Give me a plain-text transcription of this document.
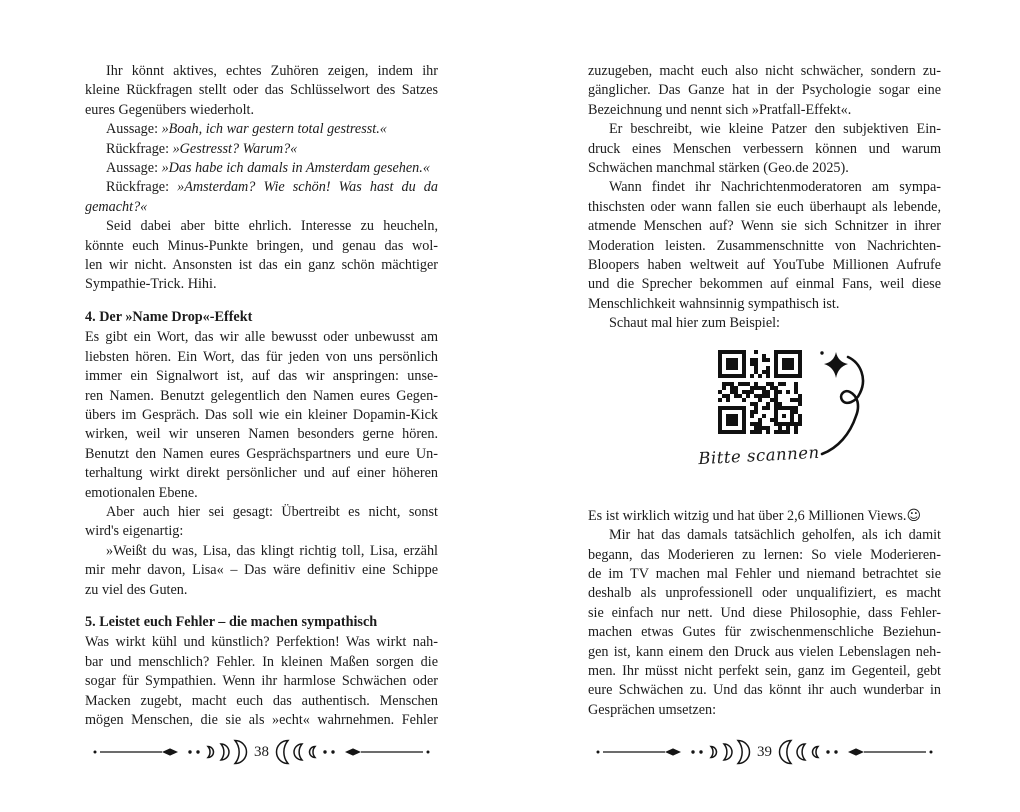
Ihr könnt aktives, echtes Zuhören zeigen, indem ihr
kleine Rückfragen stellt oder das Schlüsselwort des Satzes
eures Gegenübers wiederholt.
Aussage: »Boah, ich war gestern total gestresst.«
Rückfrage: »Gestresst? Warum?«
Aussage: »Das habe ich damals in Amsterdam gesehen.«
Rückfrage: »Amsterdam? Wie schön! Was hast du da
gemacht?«
Seid dabei aber bitte ehrlich. Interesse zu heucheln,
könnte euch Minus-Punkte bringen, und genau das wol-
len wir nicht. Ansonsten ist das ein ganz schön mächtiger
Sympathie-Trick. Hihi.
4. Der »Name Drop«-Effekt
Es gibt ein Wort, das wir alle bewusst oder unbewusst am
liebsten hören. Ein Wort, das für jeden von uns persönlich
immer ein Signalwort ist, auf das wir anspringen: unse-
ren Namen. Benutzt gelegentlich den Namen eures Gegen-
übers im Gespräch. Das soll wie ein kleiner Dopamin-Kick
wirken, weil wir unseren Namen besonders gerne hören.
Benutzt den Namen eures Gesprächspartners und eure Un-
terhaltung wirkt direkt persönlicher und auf einer höheren
emotionalen Ebene.
Aber auch hier sei gesagt: Übertreibt es nicht, sonst
wird's eigenartig:
»Weißt du was, Lisa, das klingt richtig toll, Lisa, erzähl
mir mehr davon, Lisa« – Das wäre definitiv eine Schippe
zu viel des Guten.
5. Leistet euch Fehler – die machen sympathisch
Was wirkt kühl und künstlich? Perfektion! Was wirkt nah-
bar und menschlich? Fehler. In kleinen Maßen sorgen die
sogar für Sympathien. Wenn ihr harmlose Schwächen oder
Macken zugebt, macht euch das authentisch. Menschen
mögen Menschen, die sie als »echt« wahrnehmen. Fehler
zuzugeben, macht euch also nicht schwächer, sondern zu-
gänglicher. Das Ganze hat in der Psychologie sogar eine
Bezeichnung und nennt sich »Pratfall-Effekt«.
Er beschreibt, wie kleine Patzer den subjektiven Ein-
druck eines Menschen verbessern können und warum
Schwächen manchmal stärken (Geo.de 2025).
Wann findet ihr Nachrichtenmoderatoren am sympa-
thischsten oder wann fallen sie euch überhaupt als lebende,
atmende Menschen auf? Wenn sie sich Schnitzer in ihrer
Moderation leisten. Zusammenschnitte von Nachrichten-
Bloopers haben weltweit auf YouTube Millionen Aufrufe
und die Sprecher bekommen auf einmal Fans, weil diese
Menschlichkeit wahnsinnig sympathisch ist.
Schaut mal hier zum Beispiel:
Bitte scannen
Es ist wirklich witzig und hat über 2,6 Millionen Views.☺
Mir hat das damals tatsächlich geholfen, als ich damit
begann, das Moderieren zu lernen: So viele Moderieren-
de im TV machen mal Fehler und niemand betrachtet sie
deshalb als unprofessionell oder unqualifiziert, es macht
sie einfach nur nett. Und diese Philosophie, dass Fehler-
machen etwas Gutes für zwischenmenschliche Beziehun-
gen ist, kann einem den Druck aus vielen Lebenslagen neh-
men. Ihr müsst nicht perfekt sein, ganz im Gegenteil, gebt
eure Schwächen zu. Und das könnt ihr auch wunderbar in
Gesprächen umsetzen:
38	39
